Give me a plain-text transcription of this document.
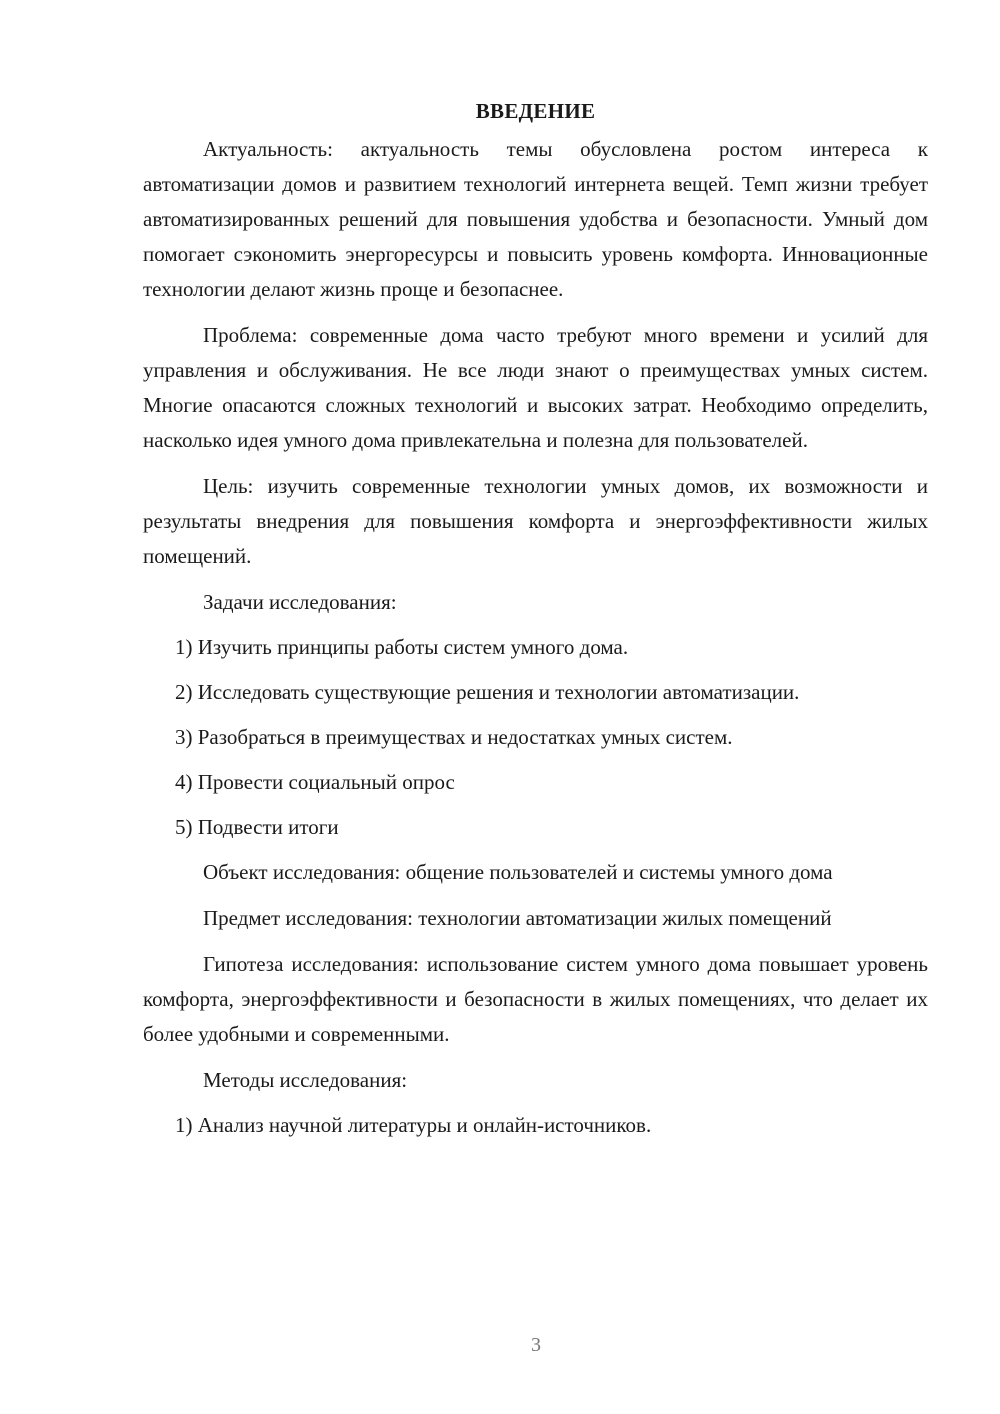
ВВЕДЕНИЕ

Актуальность: актуальность темы обусловлена ростом интереса к автоматизации домов и развитием технологий интернета вещей. Темп жизни требует автоматизированных решений для повышения удобства и безопасности. Умный дом помогает сэкономить энергоресурсы и повысить уровень комфорта. Инновационные технологии делают жизнь проще и безопаснее.

Проблема: современные дома часто требуют много времени и усилий для управления и обслуживания. Не все люди знают о преимуществах умных систем. Многие опасаются сложных технологий и высоких затрат. Необходимо определить, насколько идея умного дома привлекательна и полезна для пользователей.

Цель: изучить современные технологии умных домов, их возможности и результаты внедрения для повышения комфорта и энергоэффективности жилых помещений.

Задачи исследования:
1) Изучить принципы работы систем умного дома.
2) Исследовать существующие решения и технологии автоматизации.
3) Разобраться в преимуществах и недостатках умных систем.
4) Провести социальный опрос
5) Подвести итоги

Объект исследования: общение пользователей и системы умного дома

Предмет исследования: технологии автоматизации жилых помещений

Гипотеза исследования: использование систем умного дома повышает уровень комфорта, энергоэффективности и безопасности в жилых помещениях, что делает их более удобными и современными.

Методы исследования:
1) Анализ научной литературы и онлайн-источников.
3
